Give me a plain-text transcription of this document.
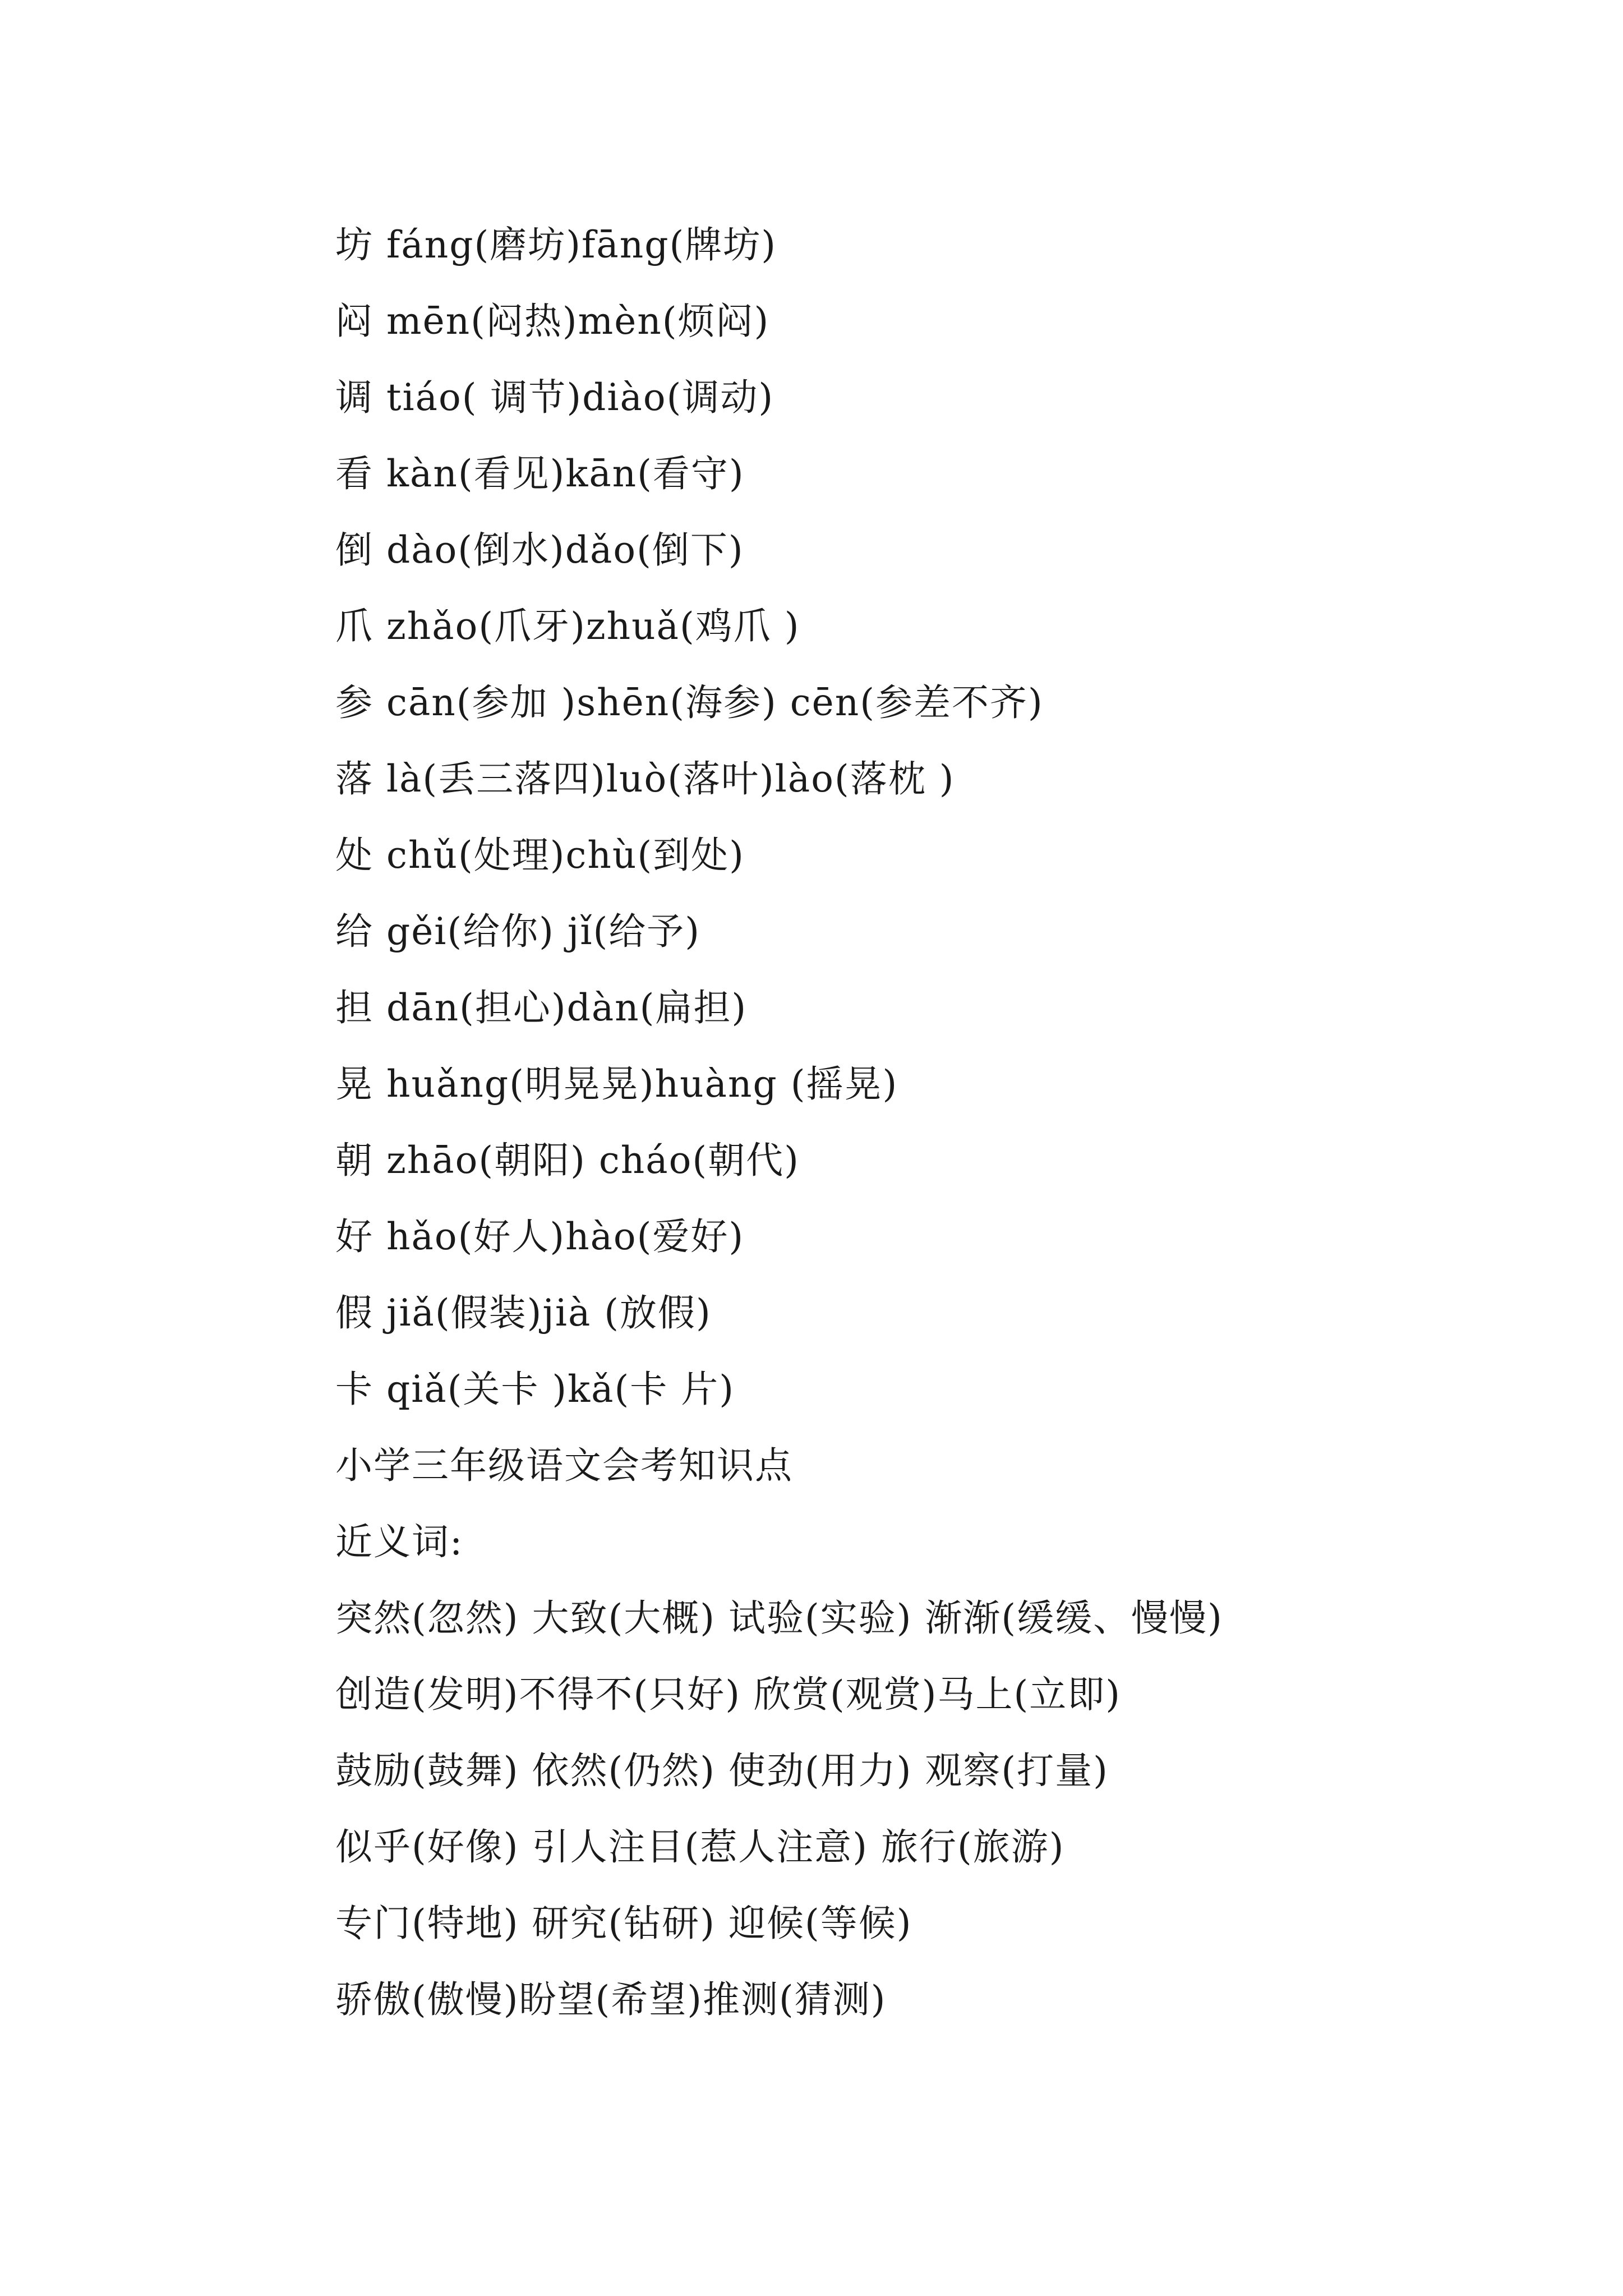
坊 fáng(磨坊)fāng(牌坊)
闷 mēn(闷热)mèn(烦闷)
调 tiáo( 调节)diào(调动)
看 kàn(看见)kān(看守)
倒 dào(倒水)dǎo(倒下)
爪 zhǎo(爪牙)zhuǎ(鸡爪 )
参 cān(参加 )shēn(海参) cēn(参差不齐)
落 là(丢三落四)luò(落叶)lào(落枕 )
处 chǔ(处理)chù(到处)
给 gěi(给你) jǐ(给予)
担 dān(担心)dàn(扁担)
晃 huǎng(明晃晃)huàng (摇晃)
朝 zhāo(朝阳) cháo(朝代)
好 hǎo(好人)hào(爱好)
假 jiǎ(假装)jià (放假)
卡 qiǎ(关卡 )kǎ(卡 片)
小学三年级语文会考知识点
近义词:
突然(忽然) 大致(大概) 试验(实验) 渐渐(缓缓、慢慢)
创造(发明)不得不(只好) 欣赏(观赏)马上(立即)
鼓励(鼓舞) 依然(仍然) 使劲(用力) 观察(打量)
似乎(好像) 引人注目(惹人注意) 旅行(旅游)
专门(特地) 研究(钻研) 迎候(等候)
骄傲(傲慢)盼望(希望)推测(猜测)
